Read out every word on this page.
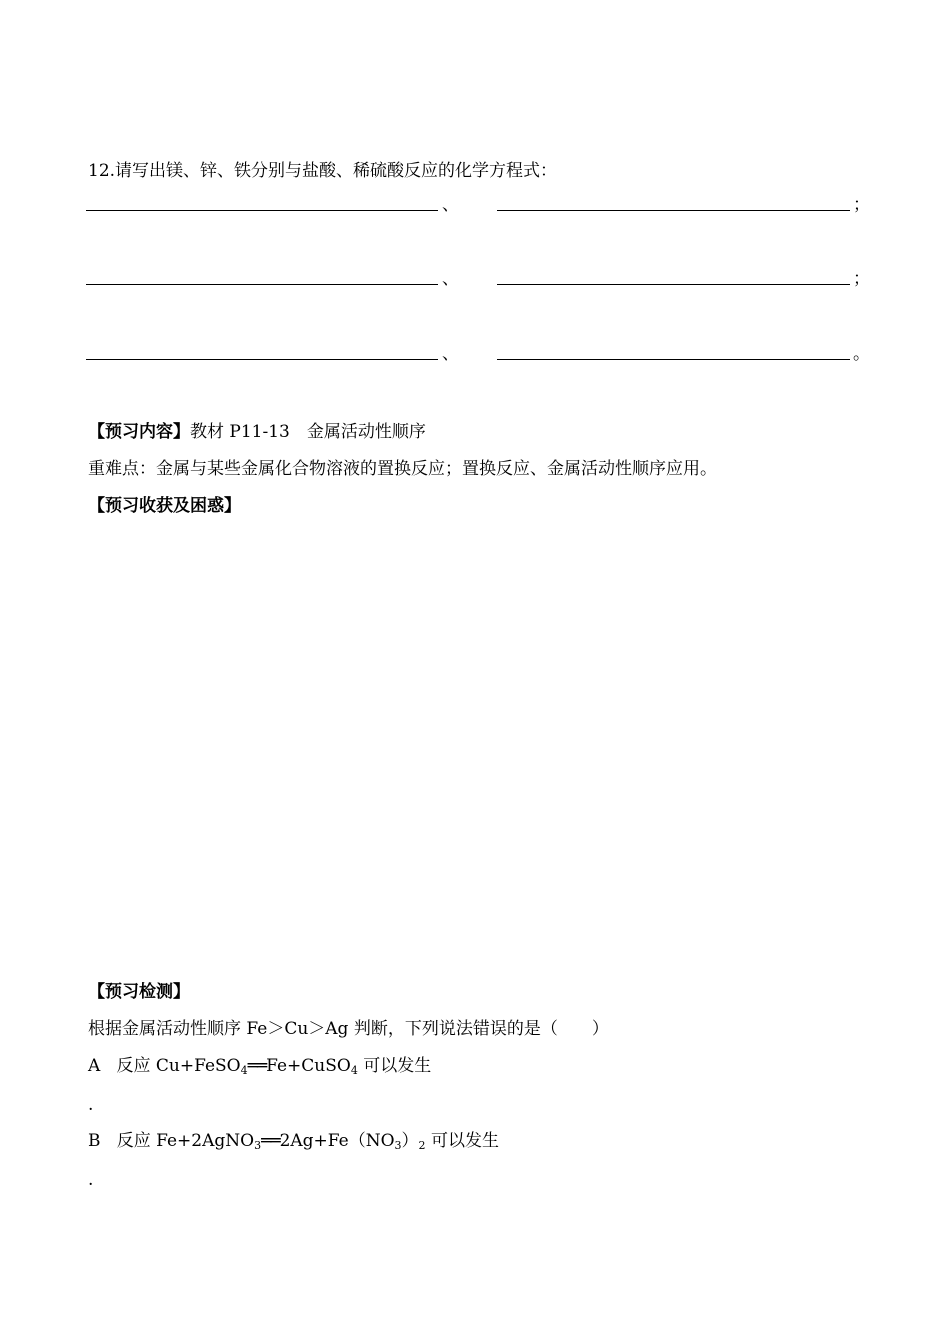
12.请写出镁、锌、铁分别与盐酸、稀硫酸反应的化学方程式：
、	；
、	；
、	。
【预习内容】教材 P11-13　金属活动性顺序
重难点：金属与某些金属化合物溶液的置换反应；置换反应、金属活动性顺序应用。
【预习收获及困惑】
【预习检测】
根据金属活动性顺序 Fe＞Cu＞Ag 判断，下列说法错误的是（　　）
A 反应 Cu+FeSO$_4$══Fe+CuSO$_4$ 可以发生
.
B 反应 $Fe+2AgNO_3══2Ag+Fe(NO_3)_2$ 可以发生
.
